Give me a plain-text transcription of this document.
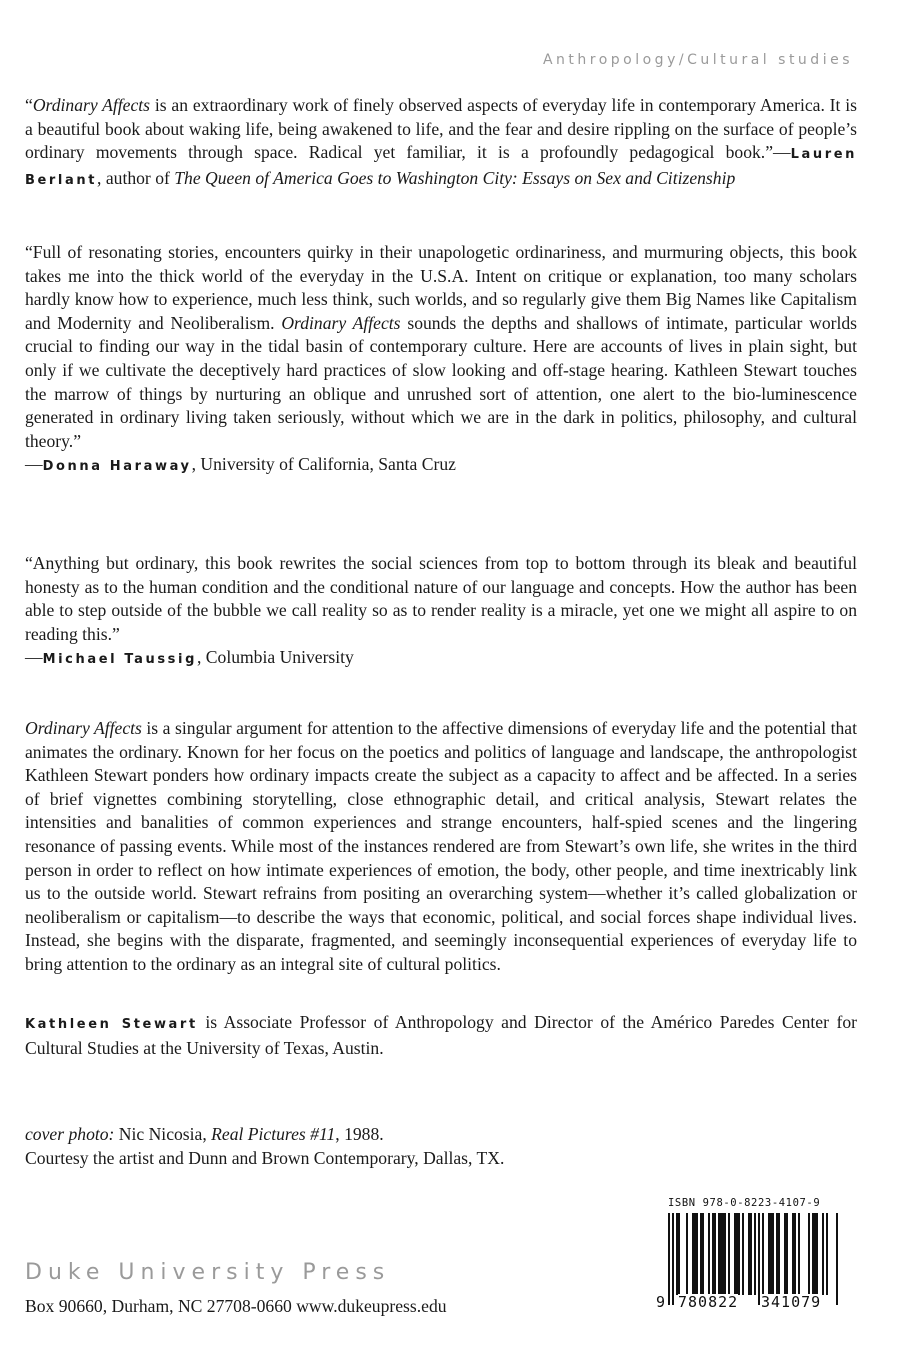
Anthropology/Cultural studies

“Ordinary Affects is an extraordinary work of finely observed aspects of everyday life in contemporary America. It is a beautiful book about waking life, being awakened to life, and the fear and desire rippling on the surface of people’s ordinary movements through space. Radical yet familiar, it is a profoundly pedagogical book.”—Lauren Berlant, author of The Queen of America Goes to Washington City: Essays on Sex and Citizenship

“Full of resonating stories, encounters quirky in their unapologetic ordinariness, and murmuring objects, this book takes me into the thick world of the everyday in the U.S.A. Intent on critique or explanation, too many scholars hardly know how to experience, much less think, such worlds, and so regularly give them Big Names like Capitalism and Modernity and Neoliberalism. Ordinary Affects sounds the depths and shallows of intimate, particular worlds crucial to finding our way in the tidal basin of contemporary culture. Here are accounts of lives in plain sight, but only if we cultivate the deceptively hard practices of slow looking and off-stage hearing. Kathleen Stewart touches the marrow of things by nurturing an oblique and unrushed sort of attention, one alert to the bio-luminescence generated in ordinary living taken seriously, without which we are in the dark in politics, philosophy, and cultural theory.”
—Donna Haraway, University of California, Santa Cruz

“Anything but ordinary, this book rewrites the social sciences from top to bottom through its bleak and beautiful honesty as to the human condition and the conditional nature of our language and concepts. How the author has been able to step outside of the bubble we call reality so as to render reality is a miracle, yet one we might all aspire to on reading this.”
—Michael Taussig, Columbia University

Ordinary Affects is a singular argument for attention to the affective dimensions of everyday life and the potential that animates the ordinary. Known for her focus on the poetics and politics of language and landscape, the anthropologist Kathleen Stewart ponders how ordinary impacts create the subject as a capacity to affect and be affected. In a series of brief vignettes combining storytelling, close ethnographic detail, and critical analysis, Stewart relates the intensities and banalities of common experiences and strange encounters, half-spied scenes and the lingering resonance of passing events. While most of the instances rendered are from Stewart’s own life, she writes in the third person in order to reflect on how intimate experiences of emotion, the body, other people, and time inextricably link us to the outside world. Stewart refrains from positing an overarching system—whether it’s called globalization or neoliberalism or capitalism—to describe the ways that economic, political, and social forces shape individual lives. Instead, she begins with the disparate, fragmented, and seemingly inconsequential experiences of everyday life to bring attention to the ordinary as an integral site of cultural politics.

Kathleen Stewart is Associate Professor of Anthropology and Director of the Américo Paredes Center for Cultural Studies at the University of Texas, Austin.

cover photo: Nic Nicosia, Real Pictures #11, 1988.
Courtesy the artist and Dunn and Brown Contemporary, Dallas, TX.

Duke University Press
Box 90660, Durham, NC 27708-0660 www.dukeupress.edu
ISBN 978-0-8223-4107-9
9 780822 341079
